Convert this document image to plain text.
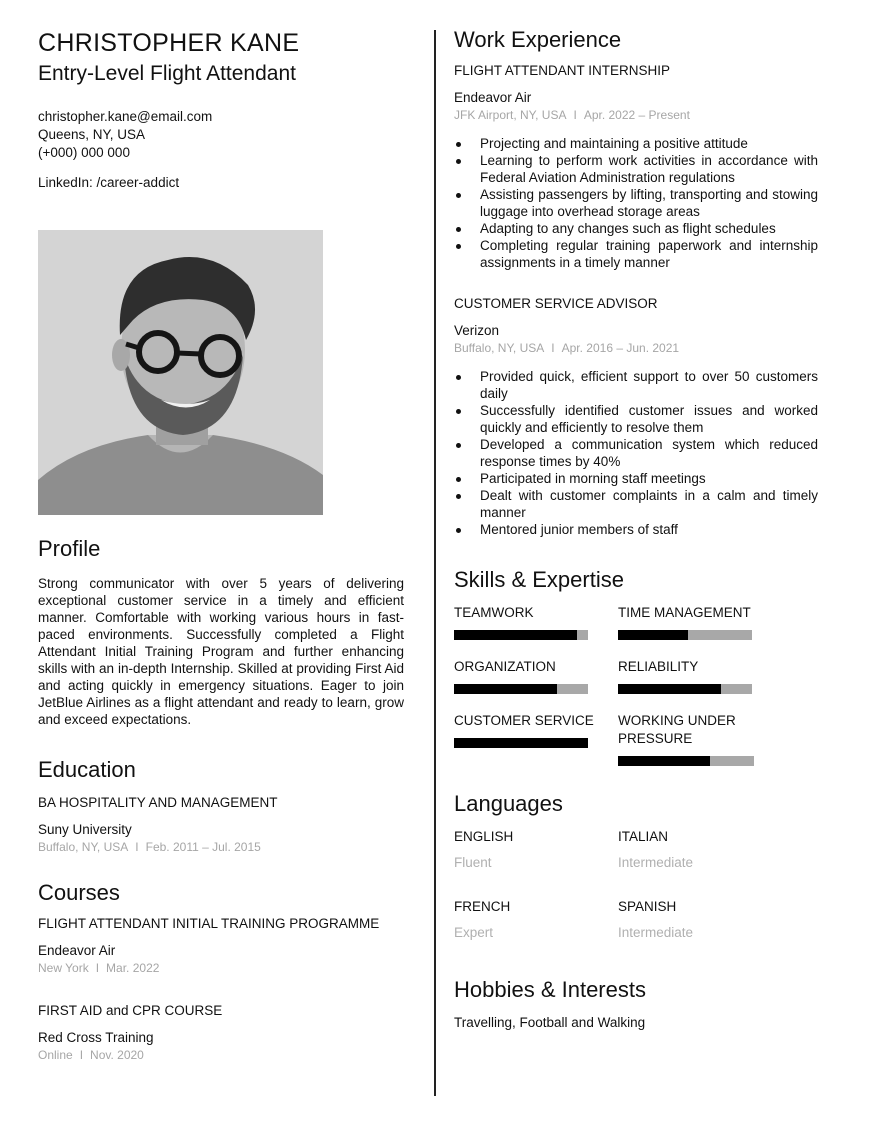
CHRISTOPHER KANE
Entry-Level Flight Attendant
christopher.kane@email.com
Queens, NY, USA
(+000) 000 000
LinkedIn: /career-addict
Profile
Strong communicator with over 5 years of delivering exceptional customer service in a timely and efficient manner. Comfortable with working various hours in fast-paced environments. Successfully completed a Flight Attendant Initial Training Program and further enhancing skills with an in-depth Internship. Skilled at providing First Aid and acting quickly in emergency situations. Eager to join JetBlue Airlines as a flight attendant and ready to learn, grow and exceed expectations.
Education
BA HOSPITALITY AND MANAGEMENT
Suny University
Buffalo, NY, USA I Feb. 2011 – Jul. 2015
Courses
FLIGHT ATTENDANT INITIAL TRAINING PROGRAMME
Endeavor Air
New York I Mar. 2022
FIRST AID and CPR COURSE
Red Cross Training
Online I Nov. 2020
Work Experience
FLIGHT ATTENDANT INTERNSHIP
Endeavor Air
JFK Airport, NY, USA I Apr. 2022 – Present
Projecting and maintaining a positive attitude
Learning to perform work activities in accordance with Federal Aviation Administration regulations
Assisting passengers by lifting, transporting and stowing luggage into overhead storage areas
Adapting to any changes such as flight schedules
Completing regular training paperwork and internship assignments in a timely manner
CUSTOMER SERVICE ADVISOR
Verizon
Buffalo, NY, USA I Apr. 2016 – Jun. 2021
Provided quick, efficient support to over 50 customers daily
Successfully identified customer issues and worked quickly and efficiently to resolve them
Developed a communication system which reduced response times by 40%
Participated in morning staff meetings
Dealt with customer complaints in a calm and timely manner
Mentored junior members of staff
Skills & Expertise
TEAMWORK	TIME MANAGEMENT
ORGANIZATION	RELIABILITY
CUSTOMER SERVICE	WORKING UNDER PRESSURE
Languages
ENGLISH
Fluent
ITALIAN
Intermediate
FRENCH
Expert
SPANISH
Intermediate
Hobbies & Interests
Travelling, Football and Walking
